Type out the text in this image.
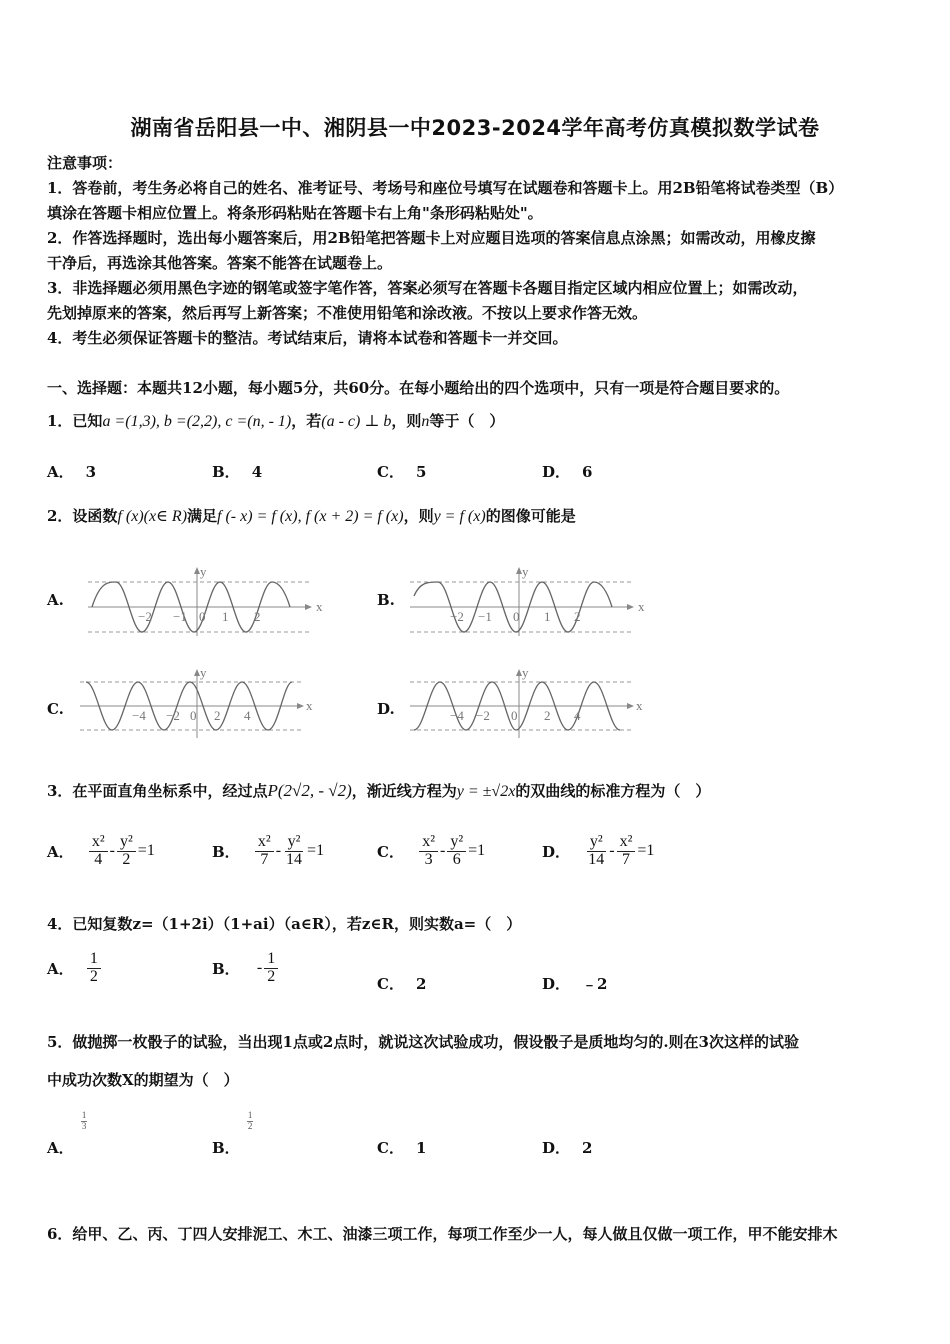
湖南省岳阳县一中、湘阴县一中2023-2024学年高考仿真模拟数学试卷
注意事项：
1．答卷前，考生务必将自己的姓名、准考证号、考场号和座位号填写在试题卷和答题卡上。用2B铅笔将试卷类型（B）
填涂在答题卡相应位置上。将条形码粘贴在答题卡右上角"条形码粘贴处"。
2．作答选择题时，选出每小题答案后，用2B铅笔把答题卡上对应题目选项的答案信息点涂黑；如需改动，用橡皮擦
干净后，再选涂其他答案。答案不能答在试题卷上。
3．非选择题必须用黑色字迹的钢笔或签字笔作答，答案必须写在答题卡各题目指定区域内相应位置上；如需改动，
先划掉原来的答案，然后再写上新答案；不准使用铅笔和涂改液。不按以上要求作答无效。
4．考生必须保证答题卡的整洁。考试结束后，请将本试卷和答题卡一并交回。
一、选择题：本题共12小题，每小题5分，共60分。在每小题给出的四个选项中，只有一项是符合题目要求的。
1．已知a =(1,3), b =(2,2), c =(n, - 1)，若(a - c) ⊥ b，则n等于（　）
A． 3	B． 4	C． 5	D． 6
2．设函数f (x)(x∈ R)满足f (- x) = f (x), f (x + 2) = f (x)，则y = f (x)的图像可能是
A.	x
y
−2 −1 0 1 2
B.	x
y
−2 −1 0 1 2
C.	x
y
−4 −2 0 2 4	D.	x
y
−4 −2 0 2 4
3．在平面直角坐标系中，经过点P(2√2, - √2)，渐近线方程为y = ±√2x的双曲线的标准方程为（　）
A． $\frac{\text{x²}}{4} - \frac{\text{y²}}{2} =1$	B． $\frac{\text{x²}}{7} - \frac{\text{y²}}{14} =1$	C． $\frac{\text{x²}}{3} - \frac{\text{y²}}{6} =1$	D． $\frac{\text{y²}}{14} - \frac{\text{x²}}{7} =1$
4．已知复数z=（1+2i）（1+ai）（a∈R），若z∈R，则实数a=（　）
A． $\frac{1}{2}$	B． - $\frac{1}{2}$	C． 2	D． ﹣2
5．做抛掷一枚骰子的试验，当出现1点或2点时，就说这次试验成功，假设骰子是质地均匀的.则在3次这样的试验
中成功次数X的期望为（　）
A．
$\frac{1}{3}$
B．
$\frac{1}{2}$
C． 1	D． 2
6．给甲、乙、丙、丁四人安排泥工、木工、油漆三项工作，每项工作至少一人，每人做且仅做一项工作，甲不能安排木
